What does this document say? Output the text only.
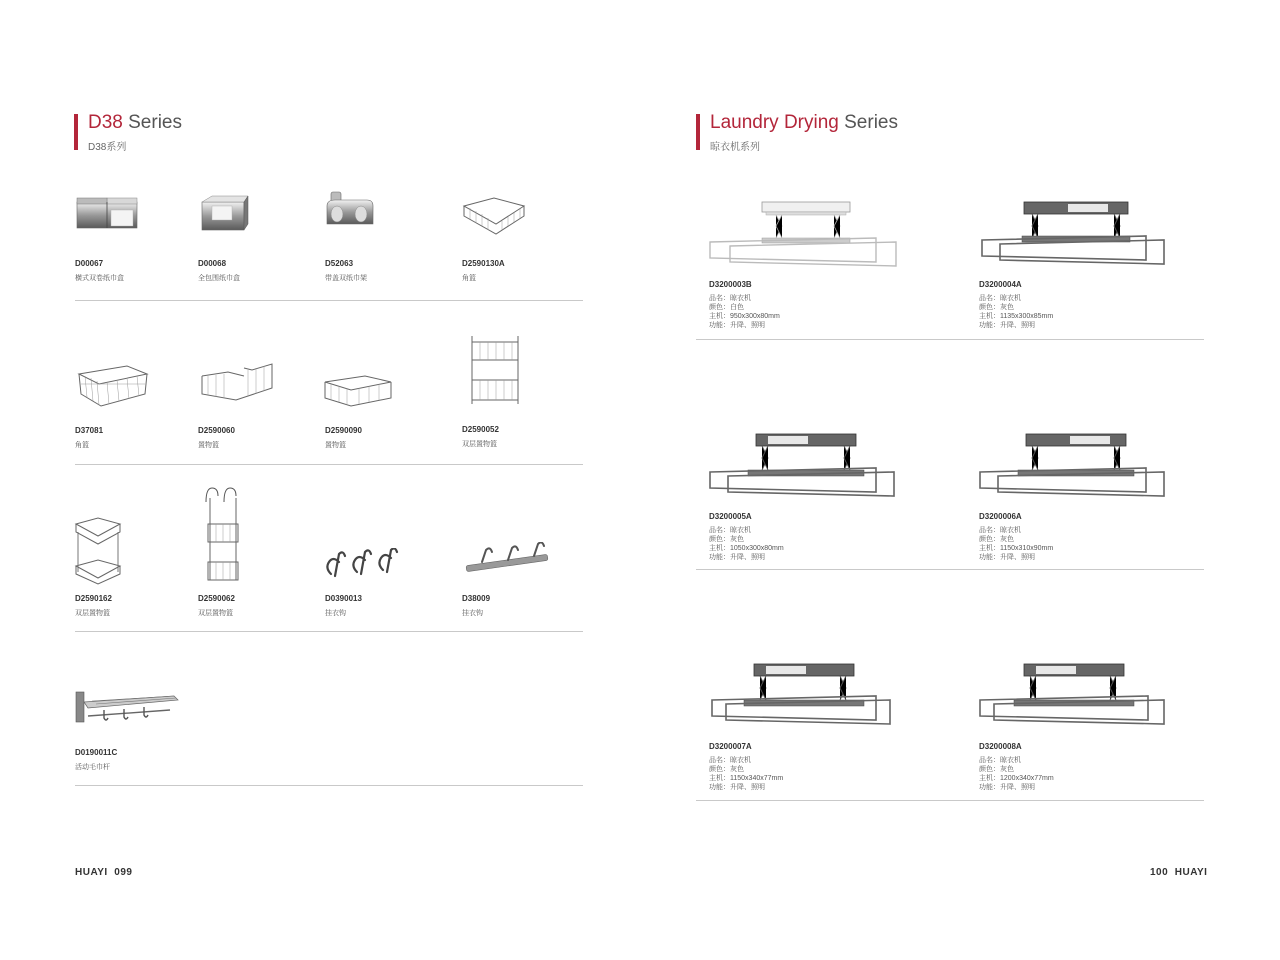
D38 Series
D38系列
D00067
横式双卷纸巾盒
D00068
全包围纸巾盒
D52063
带盖双纸巾架
D2590130A
角篮
D37081
角篮
D2590060
置物篮
D2590090
置物篮
D2590052
双层置物篮
D2590162
双层置物篮
D2590062
双层置物篮
D0390013
挂衣钩
D38009
挂衣钩
D0190011C
活动毛巾杆
HUAYI 099
Laundry Drying Series
晾衣机系列
D3200003B
品名：晾衣机
颜色：白色
主机：950x300x80mm
功能：升降、照明
D3200004A
品名：晾衣机
颜色：灰色
主机：1135x300x85mm
功能：升降、照明
D3200005A
品名：晾衣机
颜色：灰色
主机：1050x300x80mm
功能：升降、照明
D3200006A
品名：晾衣机
颜色：灰色
主机：1150x310x90mm
功能：升降、照明
D3200007A
品名：晾衣机
颜色：灰色
主机：1150x340x77mm
功能：升降、照明
D3200008A
品名：晾衣机
颜色：灰色
主机：1200x340x77mm
功能：升降、照明
100 HUAYI
